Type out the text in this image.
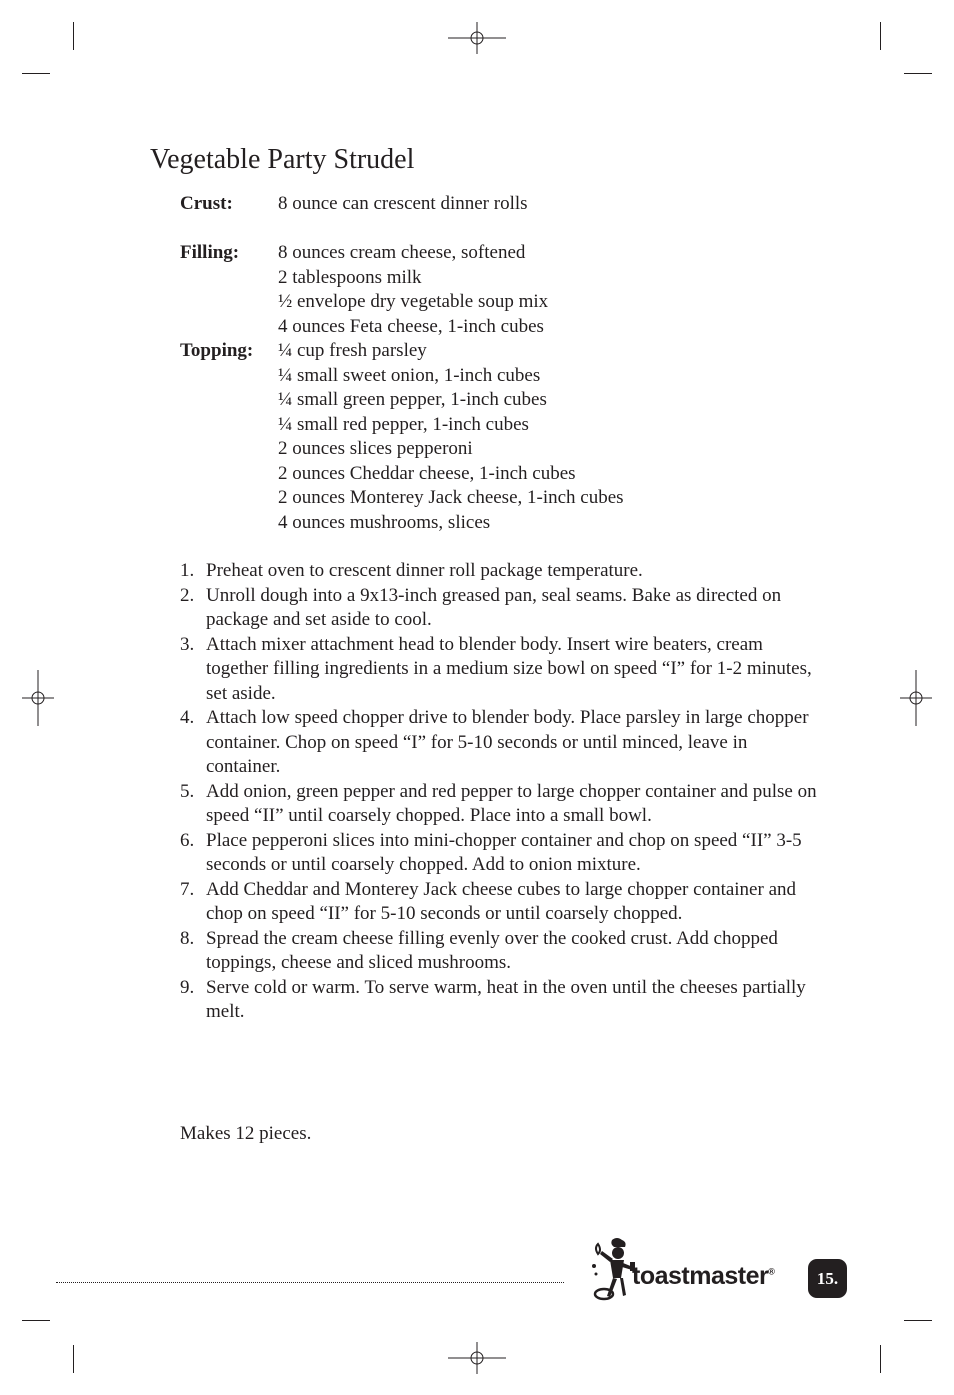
Vegetable Party Strudel
Crust:	8 ounce can crescent dinner rolls
Filling:	8 ounces cream cheese, softened
2 tablespoons milk
½ envelope dry vegetable soup mix
4 ounces Feta cheese, 1-inch cubes
Topping:	¼ cup fresh parsley
¼ small sweet onion, 1-inch cubes
¼ small green pepper, 1-inch cubes
¼ small red pepper, 1-inch cubes
2 ounces slices pepperoni
2 ounces Cheddar cheese, 1-inch cubes
2 ounces Monterey Jack cheese, 1-inch cubes
4 ounces mushrooms, slices
1. Preheat oven to crescent dinner roll package temperature.
2. Unroll dough into a 9x13-inch greased pan, seal seams. Bake as directed on package and set aside to cool.
3. Attach mixer attachment head to blender body. Insert wire beaters, cream together filling ingredients in a medium size bowl on speed “I” for 1-2 minutes, set aside.
4. Attach low speed chopper drive to blender body. Place parsley in large chopper container. Chop on speed “I” for 5-10 seconds or until minced, leave in container.
5. Add onion, green pepper and red pepper to large chopper container and pulse on speed “II” until coarsely chopped. Place into a small bowl.
6. Place pepperoni slices into mini-chopper container and chop on speed “II” 3-5 seconds or until coarsely chopped. Add to onion mixture.
7. Add Cheddar and Monterey Jack cheese cubes to large chopper container and chop on speed “II” for 5-10 seconds or until coarsely chopped.
8. Spread the cream cheese filling evenly over the cooked crust. Add chopped toppings, cheese and sliced mushrooms.
9. Serve cold or warm. To serve warm, heat in the oven until the cheeses partially melt.
Makes 12 pieces.
toastmaster®	15.
